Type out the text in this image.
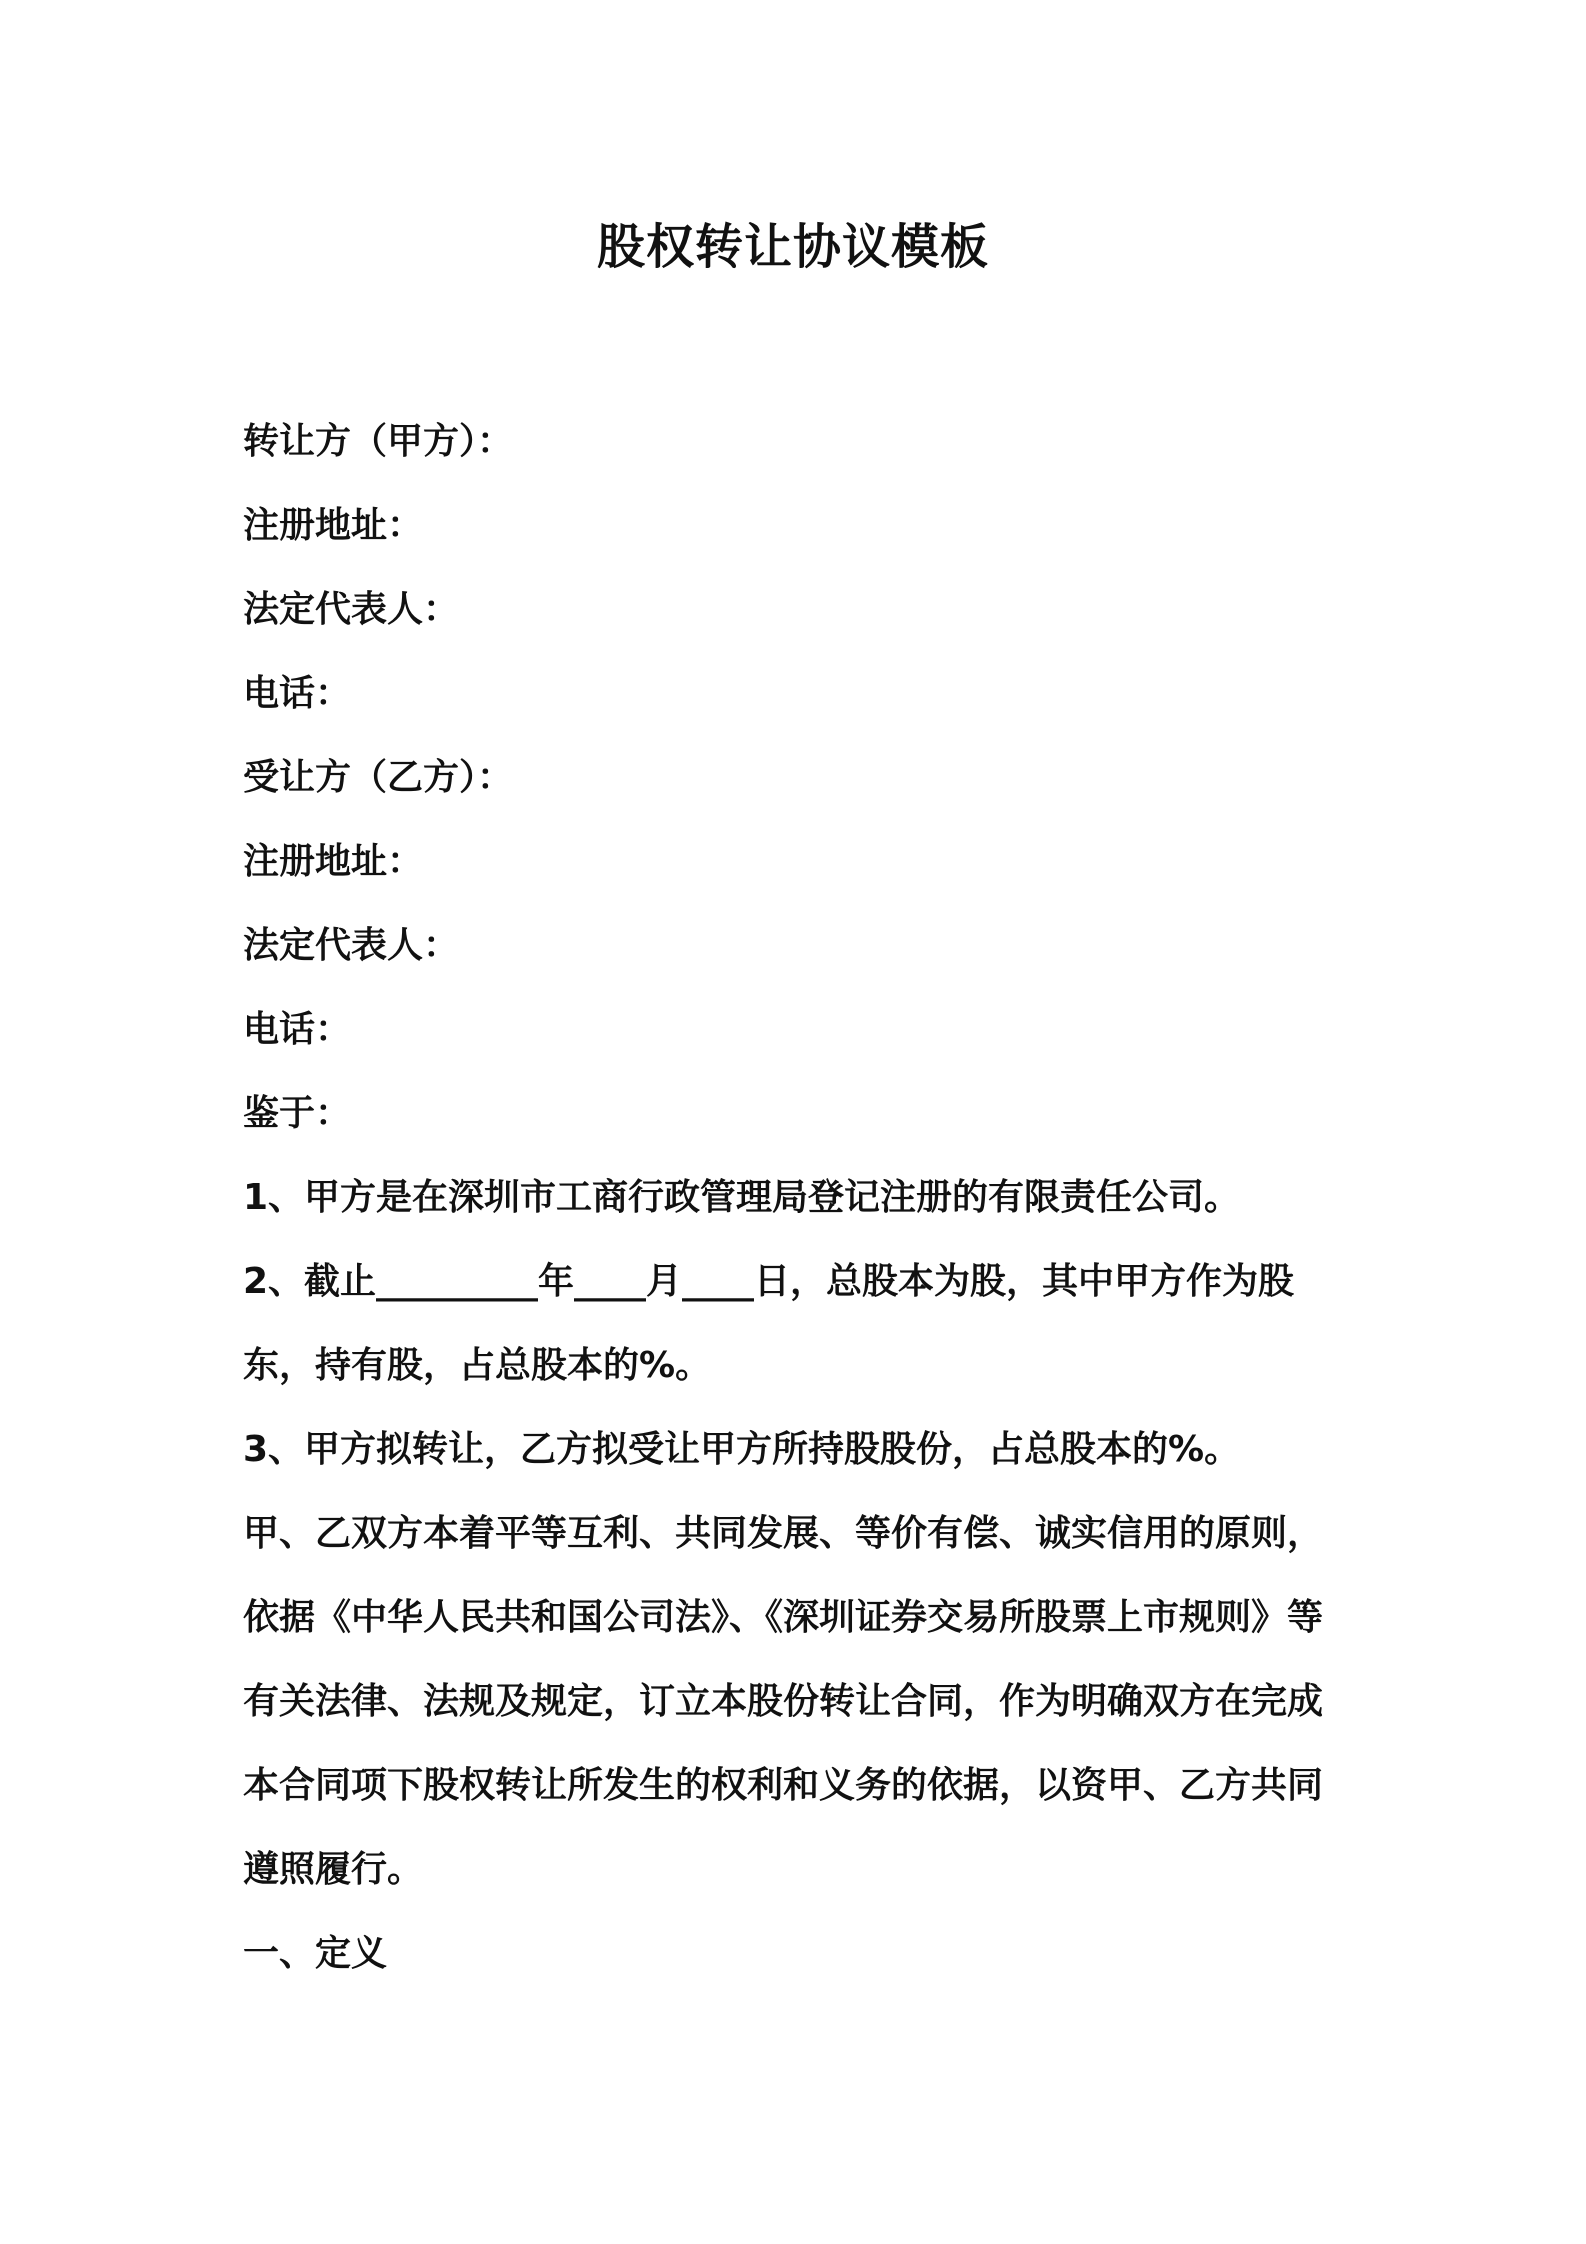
股权转让协议模板
转让方（甲方）：
注册地址：
法定代表人：
电话：
受让方（乙方）：
注册地址：
法定代表人：
电话：
鉴于：
1、甲方是在深圳市工商行政管理局登记注册的有限责任公司。
2、截止_________年____月____日，总股本为股，其中甲方作为股
东，持有股，占总股本的%。
3、甲方拟转让，乙方拟受让甲方所持股股份，占总股本的%。
甲、乙双方本着平等互利、共同发展、等价有偿、诚实信用的原则，
依据《中华人民共和国公司法》、《深圳证券交易所股票上市规则》等
有关法律、法规及规定，订立本股份转让合同，作为明确双方在完成
本合同项下股权转让所发生的权利和义务的依据，以资甲、乙方共同
遵照履行。
一、定义
